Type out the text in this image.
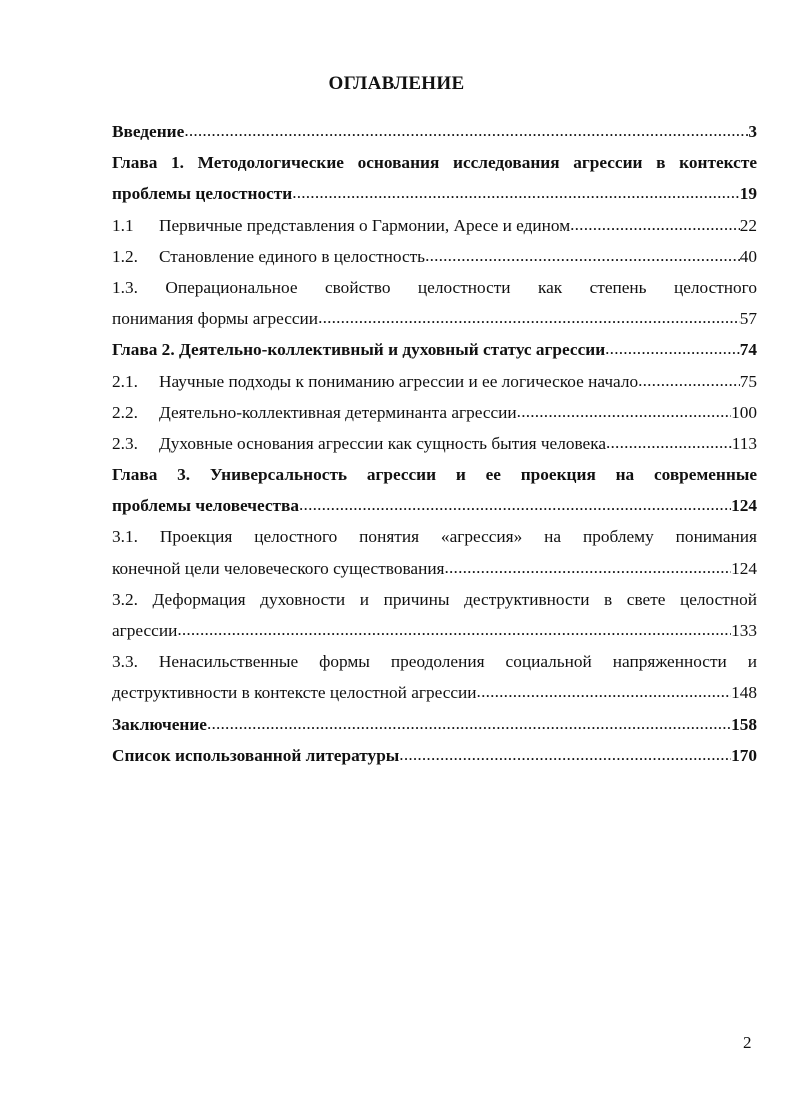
ОГЛАВЛЕНИЕ
Введение .....	3
Глава 1. Методологические основания исследования агрессии в контексте
проблемы целостности .....	19
1.1	Первичные представления о Гармонии, Аресе и едином .....	22
1.2.	Становление единого в целостность .....	40
1.3. Операциональное свойство целостности как степень целостного
понимания формы агрессии .....	57
Глава 2. Деятельно-коллективный и духовный статус агрессии .....	74
2.1.	Научные подходы к пониманию агрессии и ее логическое начало .....	75
2.2.	Деятельно-коллективная детерминанта агрессии .....	100
2.3.	Духовные основания агрессии как сущность бытия человека .....	113
Глава 3. Универсальность агрессии и ее проекция на современные
проблемы человечества .....	124
3.1. Проекция целостного понятия «агрессия» на проблему понимания
конечной цели человеческого существования .....	124
3.2. Деформация духовности и причины деструктивности в свете целостной
агрессии .....	133
3.3. Ненасильственные формы преодоления социальной напряженности и
деструктивности в контексте целостной агрессии .....	148
Заключение .....	158
Список использованной литературы .....	170
2
